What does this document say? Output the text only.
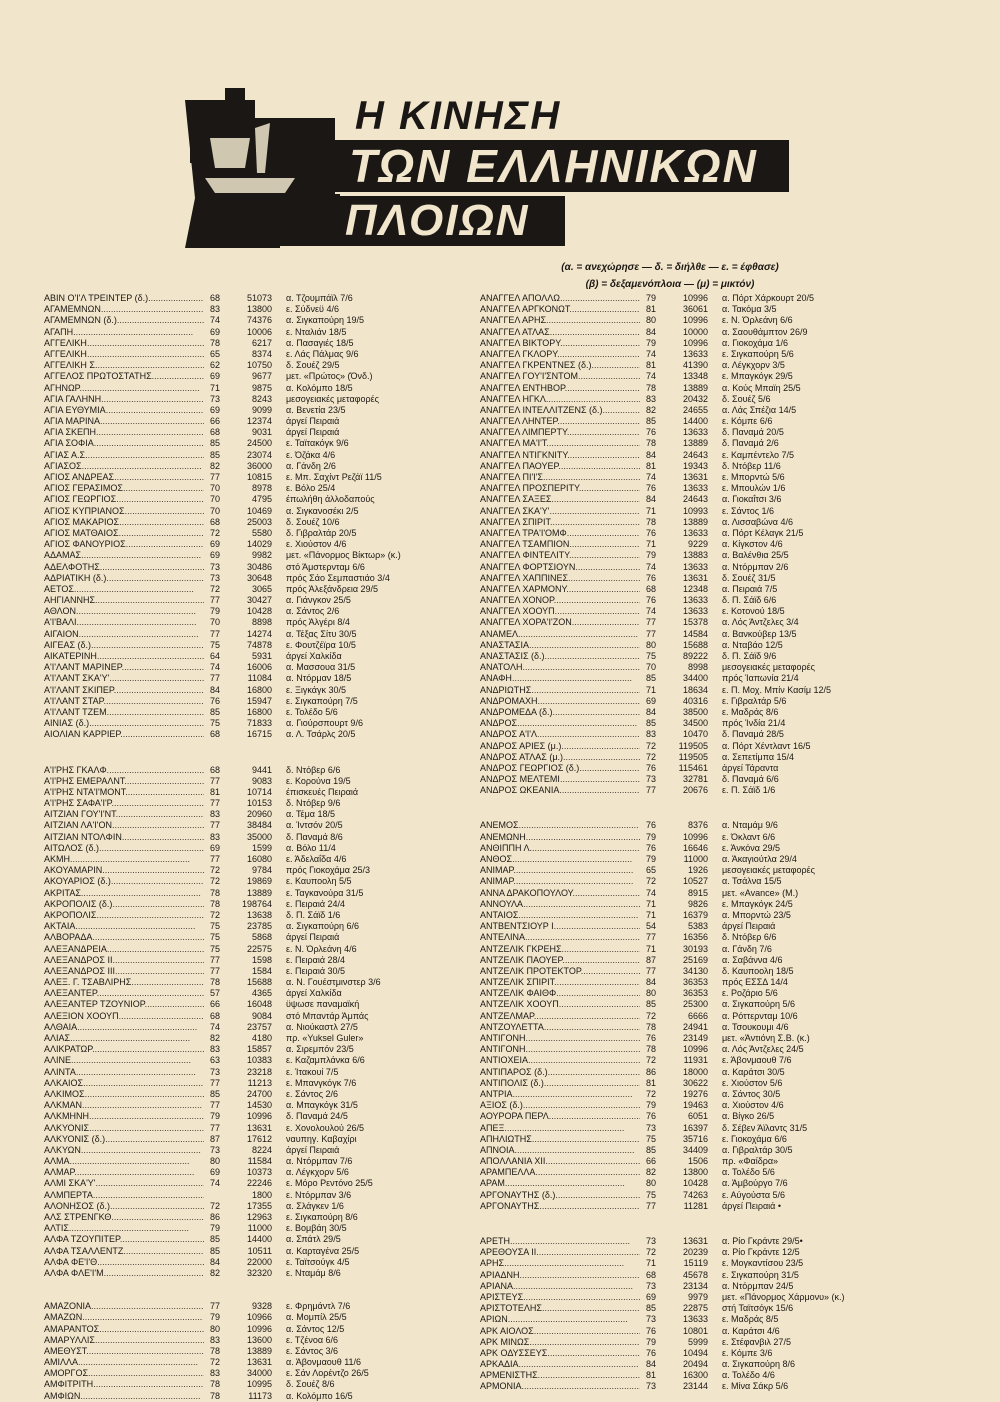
Η ΚΙΝΗΣΗ
ΤΩΝ ΕΛΛΗΝΙΚΩΝ
ΠΛΟΙΩΝ
(α. = ανεχώρησε — δ. = διήλθε — ε. = έφθασε)
(β) = δεξαμενόπλοια — (μ) = μικτόν)
ΑΒΙΝ Ο'Ι'Λ ΤΡΕΙΝΤΕΡ (δ.) .....	68	51073 α. Τζουμπάϊλ 7/6
ΑΓΑΜΕΜΝΩΝ .....	83	13800 ε. Σύδνεϋ 4/6
ΑΓΑΜΕΜΝΩΝ (δ.) .....	74	74376 α. Σιγκαπούρη 19/5
ΑΓΑΠΗ .....	69	10006 ε. Νταλιάν 18/5
ΑΓΓΕΛΙΚΗ .....	78	6217 α. Πασαγιές 18/5
ΑΓΓΕΛΙΚΗ .....	65	8374 ε. Λάς Πάλμας 9/6
ΑΓΓΕΛΙΚΗ Σ. .....	62	10750 δ. Σουέζ 29/5
ΑΓΓΕΛΟΣ ΠΡΩΤΟΣΤΑΤΗΣ .....	69	9677 μετ. «Πρώτος» (Όνδ.)
ΑΓΗΝΩΡ .....	71	9875 α. Κολόμπο 18/5
ΑΓΙΑ ΓΑΛΗΝΗ .....	73	8243 μεσογειακές μεταφορές
ΑΓΙΑ ΕΥΘΥΜΙΑ .....	69	9099 α. Βενετία 23/5
ΑΓΙΑ ΜΑΡΙΝΑ .....	66	12374 άργεί Πειραιά
ΑΓΙΑ ΣΚΕΠΗ .....	68	9031 άργεί Πειραιά
ΑΓΙΑ ΣΟΦΙΑ .....	85	24500 ε. Ταϊτακόγκ 9/6
ΑΓΙΑΣ Α.Σ. .....	85	23074 ε. Όζάκα 4/6
ΑΓΙΑΣΟΣ .....	82	36000 α. Γάνδη 2/6
ΑΓΙΟΣ ΑΝΔΡΕΑΣ .....	77	10815 ε. Μπ. Σαχίντ Ρεζάϊ 11/5
ΑΓΙΟΣ ΓΕΡΑΣΙΜΟΣ .....	70	8978 ε. Βόλο 25/4
ΑΓΙΟΣ ΓΕΩΡΓΙΟΣ .....	70	4795 έπωλήθη άλλοδαπούς
ΑΓΙΟΣ ΚΥΠΡΙΑΝΟΣ .....	70	10469 α. Σιγκανοσέκι 2/5
ΑΓΙΟΣ ΜΑΚΑΡΙΟΣ .....	68	25003 δ. Σουέζ 10/6
ΑΓΙΟΣ ΜΑΤΘΑΙΟΣ .....	72	5580 δ. Γιβραλτάρ 20/5
ΑΓΙΟΣ ΦΑΝΟΥΡΙΟΣ .....	69	14029 ε. Χιούστον 4/6
ΑΔΑΜΑΣ .....	69	9982 μετ. «Πάνορμος Βίκτωρ» (κ.)
ΑΔΕΛΦΟΤΗΣ .....	73	30486 στό Άμστερνταμ 6/6
ΑΔΡΙΑΤΙΚΗ (δ.) .....	73	30648 πρός Σάο Σεμπαστιάο 3/4
ΑΕΤΟΣ .....	72	3065 πρός Άλεξάνδρεια 29/5
ΑΗΓΙΑΝΝΗΣ .....	77	30427 α. Γιάνγκον 25/5
ΑΘΛΟΝ .....	79	10428 α. Σάντος 2/6
Α'Ι'ΒΑΛΙ .....	70	8898 πρός Άλγέρι 8/4
ΑΙΓΑΙΟΝ .....	77	14274 α. Τέξας Σίτυ 30/5
ΑΙΓΕΑΣ (δ.) .....	75	74878 ε. Φουτζέϊρα 10/5
ΑΙΚΑΤΕΡΙΝΗ .....	64	5931 άργεί Χαλκίδα
Α'Ι'ΛΑΝΤ ΜΑΡΙΝΕΡ .....	74	16006 α. Μασσουα 31/5
Α'Ι'ΛΑΝΤ ΣΚΑ'Υ' .....	77	11084 α. Ντόρμαν 18/5
Α'Ι'ΛΑΝΤ ΣΚΙΠΕΡ .....	84	16800 ε. Ξιγκάγκ 30/5
Α'Ι'ΛΑΝΤ ΣΤΑΡ .....	76	15947 ε. Σιγκαπούρη 7/5
Α'Ι'ΛΑΝΤ ΤΖΕΜ .....	85	16800 ε. Τολέδο 5/6
ΑΙΝΙΑΣ (δ.) .....	75	71833 α. Γιούρσπουρτ 9/6
ΑΙΟΛΙΑΝ ΚΑΡΡΙΕΡ .....	68	16715 α. Λ. Τσάρλς 20/5
Α'Ι'ΡΗΣ ΓΚΑΛΦ .....	68	9441 δ. Ντόβερ 6/6
Α'Ι'ΡΗΣ ΕΜΕΡΑΛΝΤ .....	77	9083 ε. Κορούνα 19/5
Α'Ι'ΡΗΣ ΝΤΑ'Ι'ΜΟΝΤ .....	81	10714 έπισκευές Πειραιά
Α'Ι'ΡΗΣ ΣΑΦΑ'Ι'Ρ .....	77	10153 δ. Ντόβερ 9/6
ΑΙΤΖΙΑΝ ΓΟΥ'Ι'ΝΤ .....	83	20960 α. Τέμα 18/5
ΑΙΤΖΙΑΝ ΛΑ'Ι'ΟΝ .....	77	38484 α. Ίντσόν 20/5
ΑΙΤΖΙΑΝ ΝΤΟΛΦΙΝ .....	83	35000 δ. Παναμά 8/6
ΑΙΤΩΛΟΣ (δ.) .....	69	1599 α. Βόλο 11/4
ΑΚΜΗ .....	77	16080 ε. Άδελαΐδα 4/6
ΑΚΟΥΑΜΑΡΙΝ .....	72	9784 πρός Γιοκοχάμα 25/3
ΑΚΟΥΑΡΙΟΣ (δ.) .....	72	19869 ε. Καυποολη 5/5
ΑΚΡΙΤΑΣ .....	78	13889 ε. Ταγκανούρα 31/5
ΑΚΡΟΠΟΛΙΣ (δ.) .....	78	198764 ε. Πειραιά 24/4
ΑΚΡΟΠΟΛΙΣ .....	72	13638 δ. Π. Σάϊδ 1/6
ΑΚΤΑΙΑ .....	75	23785 α. Σιγκαπούρη 6/6
ΑΛΒΟΡΑΔΑ .....	75	5868 άργεί Πειραιά
ΑΛΕΞΑΝΔΡΕΙΑ .....	75	22575 ε. Ν. Όρλεάνη 4/6
ΑΛΕΞΑΝΔΡΟΣ ΙΙ .....	77	1598 ε. Πειραιά 28/4
ΑΛΕΞΑΝΔΡΟΣ ΙΙΙ .....	77	1584 ε. Πειραιά 30/5
ΑΛΕΞ. Γ. ΤΣΑΒΛΙΡΗΣ .....	78	15688 α. Ν. Γουέστμινστερ 3/6
ΑΛΕΞΑΝΤΕΡ .....	57	4365 άργεί Χαλκίδα
ΑΛΕΞΑΝΤΕΡ ΤΖΟΥΝΙΟΡ .....	66	16048 ϋψωσε παναμαϊκή
ΑΛΕΞΙΟΝ ΧΟΟΥΠ .....	68	9084 στό Μπαντάρ Άμπάς
ΑΛΘΑΙΑ .....	74	23757 α. Νιούκαστλ 27/5
ΑΛΙΑΣ .....	82	4180 πρ. «Yuksel Guler»
ΑΛΙΚΡΑΤΩΡ .....	83	15857 α. Σιρεμπόν 23/5
ΑΛΙΝΕ .....	63	10383 ε. Καζαμπλάνκα 6/6
ΑΛΙΝΤΑ .....	73	23218 ε. Ίτακουί 7/5
ΑΛΚΑΙΟΣ .....	77	11213 ε. Μπανγκόγκ 7/6
ΑΛΚΙΜΟΣ .....	85	24700 ε. Σάντος 2/6
ΑΛΚΜΑΝ .....	77	14530 α. Μπαγκόγκ 31/5
ΑΛΚΜΗΝΗ .....	79	10996 δ. Παναμά 24/5
ΑΛΚΥΟΝΙΣ .....	77	13631 ε. Χονολουλού 26/5
ΑΛΚΥΟΝΙΣ (δ.) .....	87	17612 ναυπηγ. Καβαχίρι
ΑΛΚΥΩΝ .....	73	8224 άργεί Πειραιά
ΑΛΜΑ .....	80	11584 α. Ντόρμπαν 7/6
ΑΛΜΑΡ .....	69	10373 α. Λέγκχορν 5/6
ΑΛΜΙ ΣΚΑ'Υ' .....	74	22246 ε. Μόρο Ρεντόνο 25/5
ΑΛΜΠΕΡΤΑ .....	1800 ε. Ντόρμπαν 3/6
ΑΛΟΝΗΣΟΣ (δ.) .....	72	17355 α. Σλάγκεν 1/6
ΑΛΣ ΣΤΡΕΝΓΚΘ .....	86	12963 ε. Σιγκαπούρη 8/6
ΑΛΤΙΣ .....	79	11000 ε. Βομβάη 30/5
ΑΛΦΑ ΤΖΟΥΠΙΤΕΡ .....	85	14400 α. Σπάτλ 29/5
ΑΛΦΑ ΤΣΑΛΛΕΝΤΖ .....	85	10511 α. Καρταγένα 25/5
ΑΛΦΑ ΦΕ'Ι'Θ .....	84	22000 ε. Ταϊτσούγκ 4/5
ΑΛΦΑ ΦΛΕ'Ι'Μ .....	82	32320 ε. Νταμάμ 8/6
ΑΜΑΖΟΝΙΑ .....	77	9328 ε. Φρημάντλ 7/6
ΑΜΑΖΩΝ .....	79	10966 α. Μομπίλ 25/5
ΑΜΑΡΑΝΤΟΣ .....	80	10996 α. Σάντος 12/5
ΑΜΑΡΥΛΛΙΣ .....	83	13600 ε. Τζένοα 6/6
ΑΜΕΘΥΣΤ .....	78	13889 ε. Σάντος 3/6
ΑΜΙΛΛΑ .....	72	13631 α. Άβονμαουθ 11/6
ΑΜΟΡΓΟΣ .....	83	34000 ε. Σάν Λορέντζο 26/5
ΑΜΦΙΤΡΙΤΗ .....	78	10995 δ. Σουέζ 8/6
ΑΜΦΙΩΝ .....	78	11173 α. Κολόμπο 16/5
ΑΝΑΓΓΕΛ ΑΠΟΛΛΩ .....	79	10996 α. Πόρτ Χάρκουρτ 20/5
ΑΝΑΓΓΕΛ ΑΡΓΚΟΝΩΤ .....	81	36061 α. Τακόμα 3/5
ΑΝΑΓΓΕΛ ΑΡΗΣ .....	80	10996 ε. Ν. Όρλεάνη 6/6
ΑΝΑΓΓΕΛ ΑΤΛΑΣ .....	84	10000 α. Σαουθάμπτον 26/9
ΑΝΑΓΓΕΛ ΒΙΚΤΟΡΥ .....	79	10996 α. Γιοκοχάμα 1/6
ΑΝΑΓΓΕΛ ΓΚΛΟΡΥ .....	74	13633 ε. Σιγκαπούρη 5/6
ΑΝΑΓΓΕΛ ΓΚΡΕΝΤΝΕΣ (δ.) .....	81	41390 α. Λέγκχορν 3/5
ΑΝΑΓΓΕΛ ΓΟΥ'Ι'ΣΝΤΟΜ .....	74	13348 ε. Μπαγκόγκ 29/5
ΑΝΑΓΓΕΛ ΕΝΤΗΒΟΡ .....	78	13889 α. Κούς Μπαϊη 25/5
ΑΝΑΓΓΕΛ ΗΓΚΛ .....	83	20432 δ. Σουέζ 5/6
ΑΝΑΓΓΕΛ ΙΝΤΕΛΛΙΤΖΕΝΣ (δ.) .....	82	24655 α. Λάς Σπέζια 14/5
ΑΝΑΓΓΕΛ ΛΗΝΤΕΡ .....	85	14400 ε. Κόμπε 6/6
ΑΝΑΓΓΕΛ ΛΙΜΠΕΡΤΥ .....	76	13633 δ. Παναμά 20/5
ΑΝΑΓΓΕΛ ΜΑ'Ι'Τ .....	78	13889 δ. Παναμά 2/6
ΑΝΑΓΓΕΛ ΝΤΙΓΚΝΙΤΥ .....	84	24643 ε. Καμπέντελο 7/5
ΑΝΑΓΓΕΛ ΠΑΟΥΕΡ .....	81	19343 δ. Ντόβερ 11/6
ΑΝΑΓΓΕΛ ΠΙ'Ι'Σ .....	74	13631 ε. Μπορντώ 5/6
ΑΝΑΓΓΕΛ ΠΡΟΣΠΕΡΙΤΥ .....	76	13633 ε. Μπουλών 1/6
ΑΝΑΓΓΕΛ ΣΑΞΕΣ .....	84	24643 α. Γιοκαΐτσι 3/6
ΑΝΑΓΓΕΛ ΣΚΑ'Υ' .....	71	10993 ε. Σάντος 1/6
ΑΝΑΓΓΕΛ ΣΠΙΡΙΤ .....	78	13889 α. Λισσαβώνα 4/6
ΑΝΑΓΓΕΛ ΤΡΑ'Ι'ΟΜΦ .....	76	13633 α. Πόρτ Κέλαγκ 21/5
ΑΝΑΓΓΕΛ ΤΣΑΜΠΙΟΝ .....	71	9229 α. Κίγκστον 4/6
ΑΝΑΓΓΕΛ ΦΙΝΤΕΛΙΤΥ .....	79	13883 α. Βαλένθια 25/5
ΑΝΑΓΓΕΛ ΦΟΡΤΣΙΟΥΝ .....	74	13633 α. Ντόρμπαν 2/6
ΑΝΑΓΓΕΛ ΧΑΠΠΙΝΕΣ .....	76	13631 δ. Σουέζ 31/5
ΑΝΑΓΓΕΛ ΧΑΡΜΟΝΥ .....	68	12348 α. Πειραιά 7/5
ΑΝΑΓΓΕΛ ΧΟΝΟΡ .....	76	13633 δ. Π. Σάϊδ 6/6
ΑΝΑΓΓΕΛ ΧΟΟΥΠ .....	74	13633 ε. Κοτονού 18/5
ΑΝΑΓΓΕΛ ΧΟΡΑ'Ι'ΖΟΝ .....	77	15378 α. Λός Άντζελες 3/4
ΑΝΑΜΕΛ .....	77	14584 α. Βανκούβερ 13/5
ΑΝΑΣΤΑΣΙΑ .....	80	15688 α. Νταβάο 12/5
ΑΝΑΣΤΑΣΙΣ (δ.) .....	75	89222 δ. Π. Σάϊδ 9/6
ΑΝΑΤΟΛΗ .....	70	8998 μεσογειακές μεταφορές
ΑΝΑΦΗ .....	85	34400 πρός Ίαπωνία 21/4
ΑΝΔΡΙΩΤΗΣ .....	71	18634 ε. Π. Μοχ. Μπίν Κασίμ 12/5
ΑΝΔΡΟΜΑΧΗ .....	69	40316 ε. Γιβραλτάρ 5/6
ΑΝΔΡΟΜΕΔΑ (δ.) .....	84	38500 ε. Μαδράς 8/6
ΑΝΔΡΟΣ .....	85	34500 πρός Ίνδία 21/4
ΑΝΔΡΟΣ Α'Ι'Λ .....	83	10470 δ. Παναμά 28/5
ΑΝΔΡΟΣ ΑΡΙΕΣ (μ.) .....	72	119505 α. Πόρτ Χέντλαντ 16/5
ΑΝΔΡΟΣ ΑΤΛΑΣ (μ.) .....	72	119505 α. Σεπετίμπα 15/4
ΑΝΔΡΟΣ ΓΕΩΡΓΙΟΣ (δ.) .....	76	115461 άργεί Τάραντα
ΑΝΔΡΟΣ ΜΕΛΤΕΜΙ .....	73	32781 δ. Παναμά 6/6
ΑΝΔΡΟΣ ΩΚΕΑΝΙΑ .....	77	20676 ε. Π. Σάϊδ 1/6
ΑΝΕΜΟΣ .....	76	8376 α. Νταμάμ 9/6
ΑΝΕΜΩΝΗ .....	79	10996 ε. Όκλαντ 6/6
ΑΝΘΙΠΠΗ Λ. .....	76	16646 ε. Άνκόνα 29/5
ΑΝΘΟΣ .....	79	11000 α. Άκαγιούτλα 29/4
ΑΝΙΜΑΡ .....	65	1926 μεσογειακές μεταφορές
ΑΝΙΜΑΡ .....	72	10527 α. Τσάλνα 15/5
ΑΝΝΑ ΔΡΑΚΟΠΟΥΛΟΥ .....	74	8915 μετ. «Avance» (Μ.)
ΑΝΝΟΥΛΑ .....	71	9826 ε. Μπαγκόγκ 24/5
ΑΝΤΑΙΟΣ .....	71	16379 α. Μπορντώ 23/5
ΑΝΤΒΕΝΤΣΙΟΥΡ Ι .....	54	5383 άργεί Πειραιά
ΑΝΤΕΛΙΝΑ .....	77	16356 δ. Ντόβερ 6/6
ΑΝΤΖΕΛΙΚ ΓΚΡΕΗΣ .....	71	30193 α. Γάνδη 7/6
ΑΝΤΖΕΛΙΚ ΠΑΟΥΕΡ .....	87	25169 α. Σαβάννα 4/6
ΑΝΤΖΕΛΙΚ ΠΡΟΤΕΚΤΟΡ .....	77	34130 δ. Καυποολη 18/5
ΑΝΤΖΕΛΙΚ ΣΠΙΡΙΤ .....	84	36353 πρός ΕΣΣΔ 14/4
ΑΝΤΖΕΛΙΚ ΦΑΙΘΦ .....	80	36353 ε. Ροζάριο 5/6
ΑΝΤΖΕΛΙΚ ΧΟΟΥΠ .....	85	25300 α. Σιγκαπούρη 5/6
ΑΝΤΖΕΛΜΑΡ .....	72	6666 α. Ρόττερνταμ 10/6
ΑΝΤΖΟΥΛΕΤΤΑ .....	78	24941 α. Τσουκουμι 4/6
ΑΝΤΙΓΟΝΗ .....	76	23149 μετ. «Άντιόνη Σ.Β. (κ.)
ΑΝΤΙΓΟΝΗ .....	78	10996 α. Λός Άντζελες 24/5
ΑΝΤΙΟΧΕΙΑ .....	72	11931 ε. Άβονμαουθ 7/6
ΑΝΤΙΠΑΡΟΣ (δ.) .....	86	18000 α. Καράτσι 30/5
ΑΝΤΙΠΟΛΙΣ (δ.) .....	81	30622 ε. Χιούστον 5/6
ΑΝΤΡΙΑ .....	72	19276 α. Σάντος 30/5
ΑΞΙΟΣ (δ.) .....	79	19463 α. Χιούστον 4/6
ΑΟΥΡΟΡΑ ΠΕΡΛ .....	76	6051 α. Βίγκο 26/5
ΑΠΕΞ .....	73	16397 δ. Σέβεν Άϊλαντς 31/5
ΑΠΗΛΙΩΤΗΣ .....	75	35716 ε. Γιοκοχάμα 6/6
ΑΠΝΟΙΑ .....	85	34409 α. Γιβραλτάρ 30/5
ΑΠΟΛΛΑΝΙΑ ΧΙΙ .....	66	1506 πρ. «Φαίδρα»
ΑΡΑΜΠΕΛΛΑ .....	82	13800 α. Τολέδο 5/6
ΑΡΑΜ .....	80	10428 α. Άμβούργο 7/6
ΑΡΓΟΝΑΥΤΗΣ (δ.) .....	75	74263 ε. Αύγούστα 5/6
ΑΡΓΟΝΑΥΤΗΣ .....	77	11281 άργεί Πειραιά •
ΑΡΕΤΗ .....	73	13631 α. Ρίο Γκράντε 29/5•
ΑΡΕΘΟΥΣΑ ΙΙ .....	72	20239 α. Ρίο Γκράντε 12/5
ΑΡΗΣ .....	71	15119 ε. Μογκαντίσου 23/5
ΑΡΙΑΔΝΗ .....	68	45678 ε. Σιγκαπούρη 31/5
ΑΡΙΑΝΑ .....	73	23134 α. Ντόρμπαν 24/5
ΑΡΙΣΤΕΥΣ .....	69	9979 μετ. «Πάνορμος Χάρμονυ» (κ.)
ΑΡΙΣΤΟΤΕΛΗΣ .....	85	22875 στή Ταϊτσόγκ 15/6
ΑΡΙΩΝ .....	73	13633 ε. Μαδράς 8/5
ΑΡΚ ΑΙΟΛΟΣ .....	76	10801 α. Καράτσι 4/6
ΑΡΚ ΜΙΝΩΣ .....	79	5999 ε. Στέφανβιλ 27/5
ΑΡΚ ΟΔΥΣΣΕΥΣ .....	76	10494 ε. Κόμπε 3/6
ΑΡΚΑΔΙΑ .....	84	20494 α. Σιγκαπούρη 8/6
ΑΡΜΕΝΙΣΤΗΣ .....	81	16300 α. Τολέδο 4/6
ΑΡΜΟΝΙΑ .....	73	23144 ε. Μίνα Σάκρ 5/6
